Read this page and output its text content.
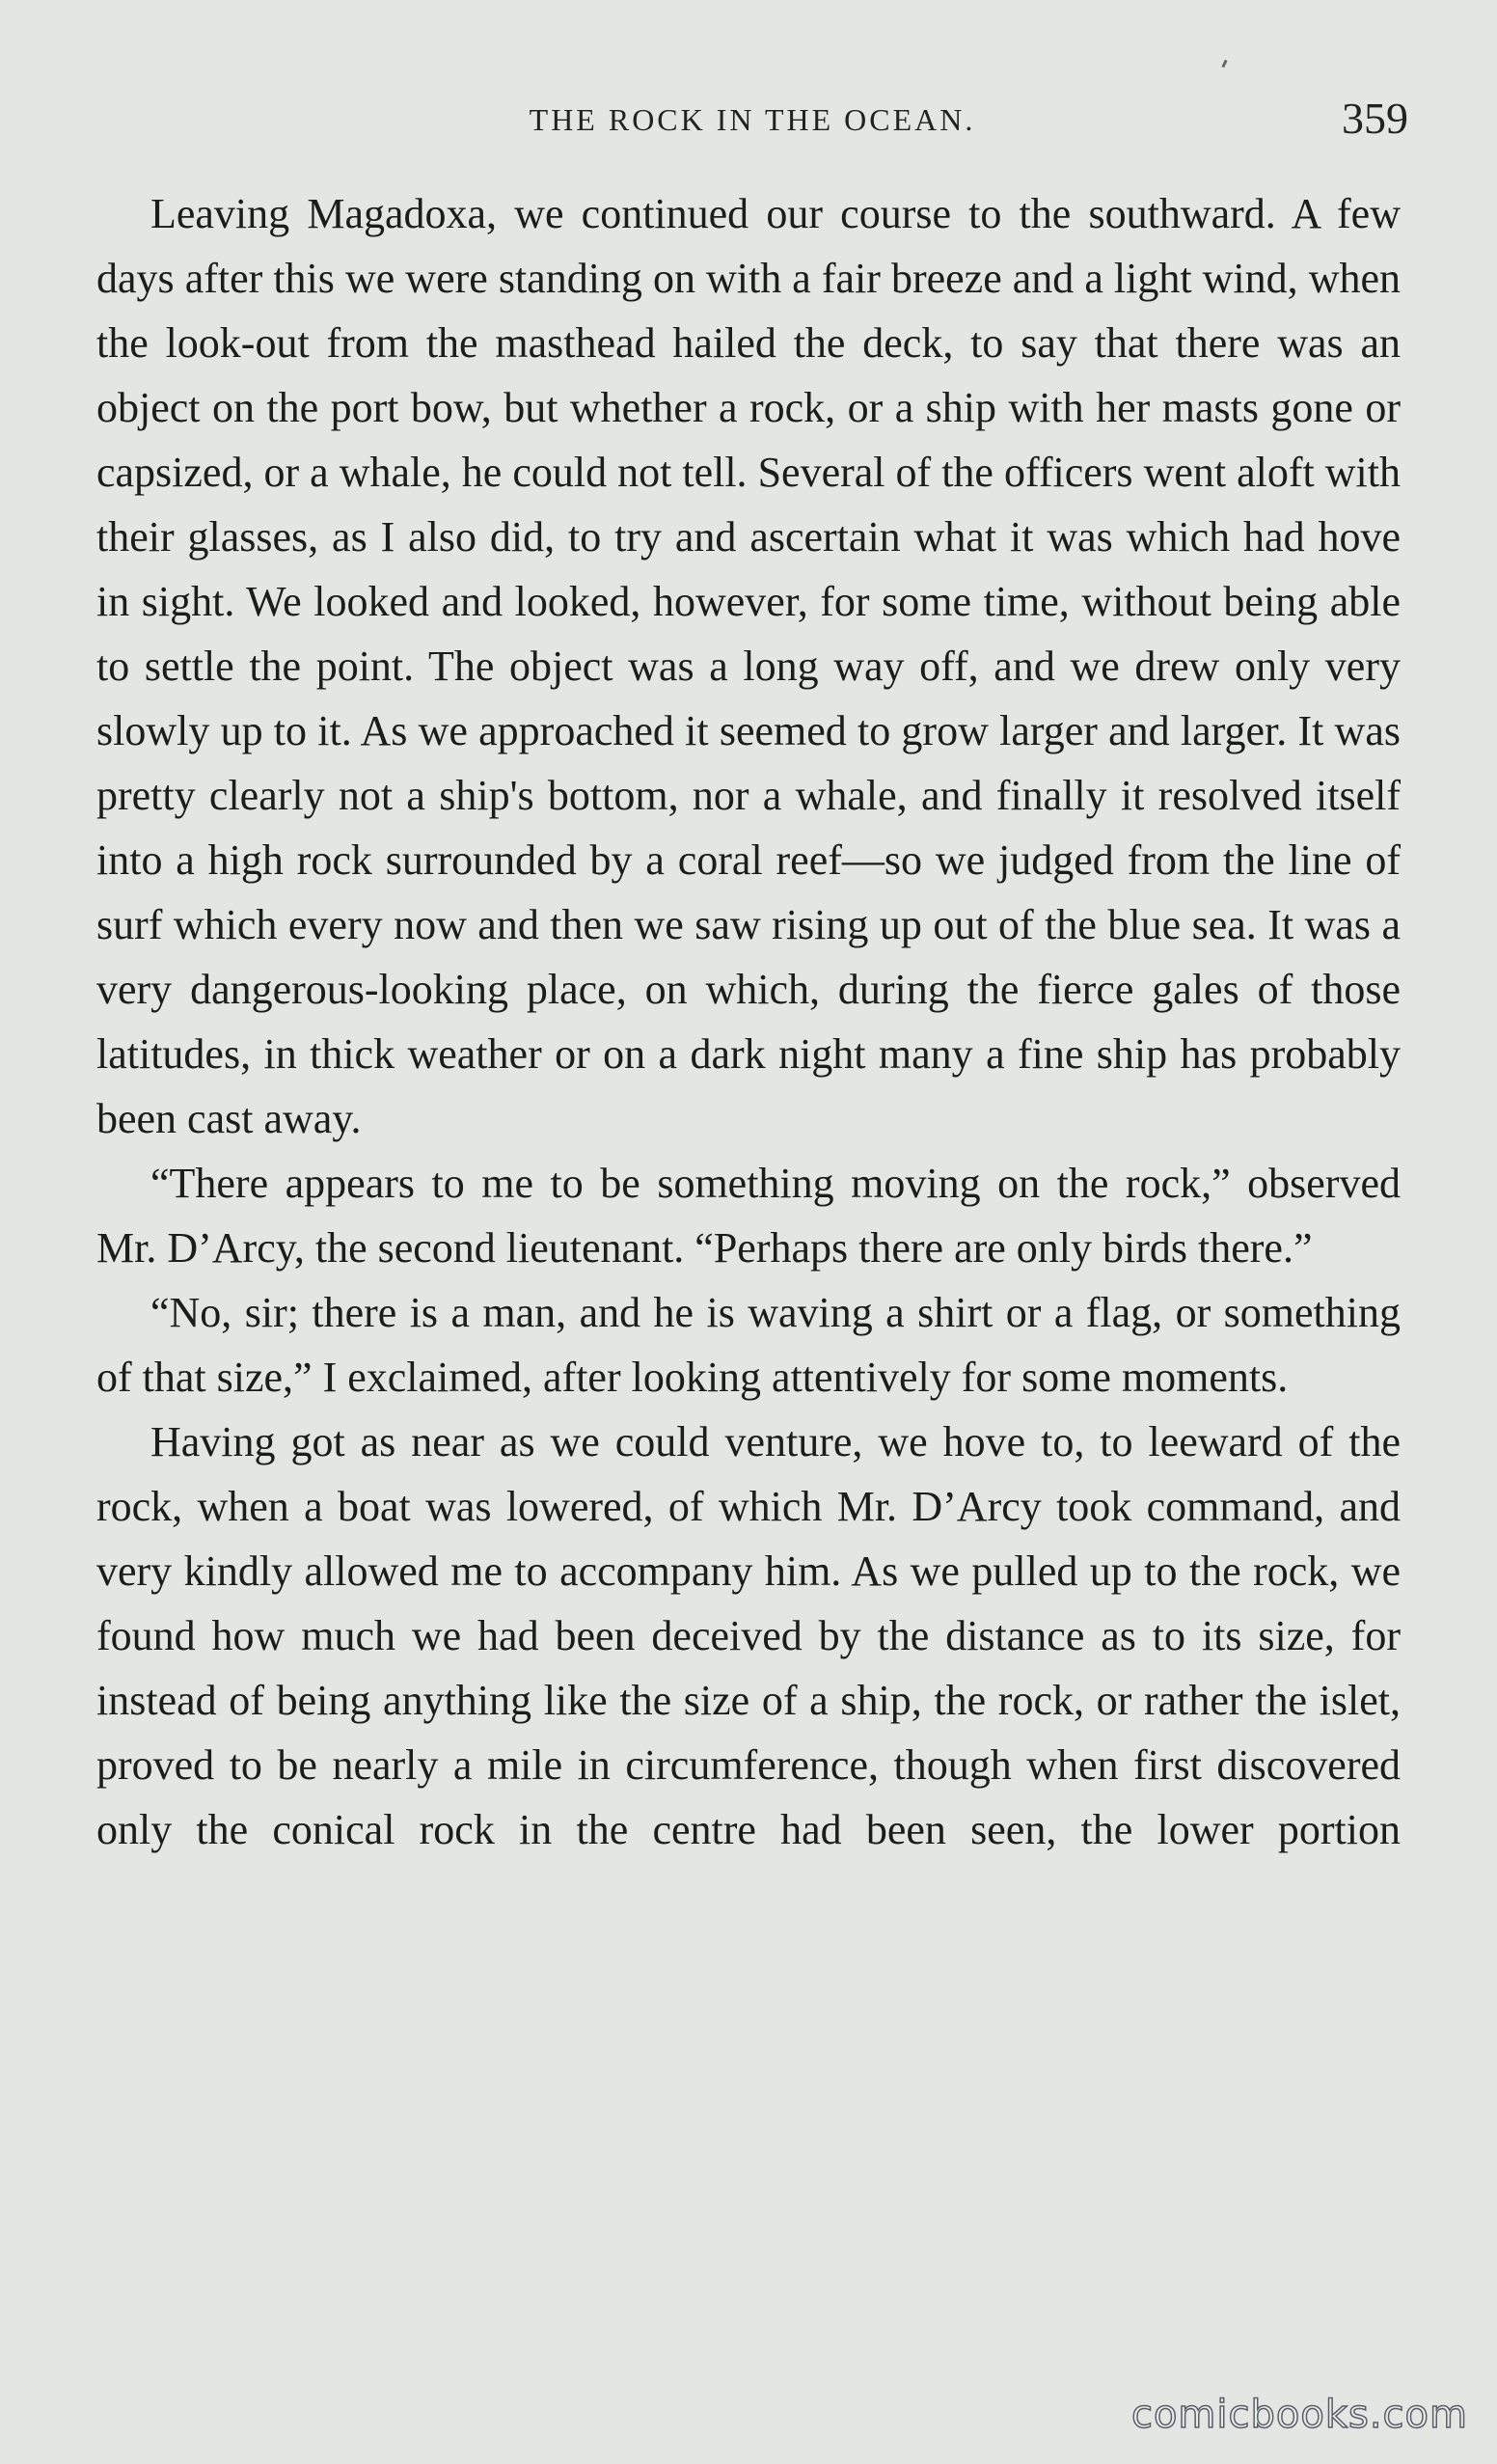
THE ROCK IN THE OCEAN.	359

Leaving Magadoxa, we continued our course to the southward. A few days after this we were standing on with a fair breeze and a light wind, when the look-out from the masthead hailed the deck, to say that there was an object on the port bow, but whether a rock, or a ship with her masts gone or capsized, or a whale, he could not tell. Several of the officers went aloft with their glasses, as I also did, to try and ascertain what it was which had hove in sight. We looked and looked, however, for some time, without being able to settle the point. The object was a long way off, and we drew only very slowly up to it. As we approached it seemed to grow larger and larger. It was pretty clearly not a ship's bottom, nor a whale, and finally it resolved itself into a high rock surrounded by a coral reef—so we judged from the line of surf which every now and then we saw rising up out of the blue sea. It was a very dangerous-looking place, on which, during the fierce gales of those latitudes, in thick weather or on a dark night many a fine ship has probably been cast away.

“There appears to me to be something moving on the rock,” observed Mr. D’Arcy, the second lieutenant. “Perhaps there are only birds there.”

“No, sir; there is a man, and he is waving a shirt or a flag, or something of that size,” I exclaimed, after looking attentively for some moments.

Having got as near as we could venture, we hove to, to leeward of the rock, when a boat was lowered, of which Mr. D’Arcy took command, and very kindly allowed me to accompany him. As we pulled up to the rock, we found how much we had been deceived by the distance as to its size, for instead of being anything like the size of a ship, the rock, or rather the islet, proved to be nearly a mile in circumference, though when first discovered only the conical rock in the centre had been seen, the lower portion

comicbooks.com
